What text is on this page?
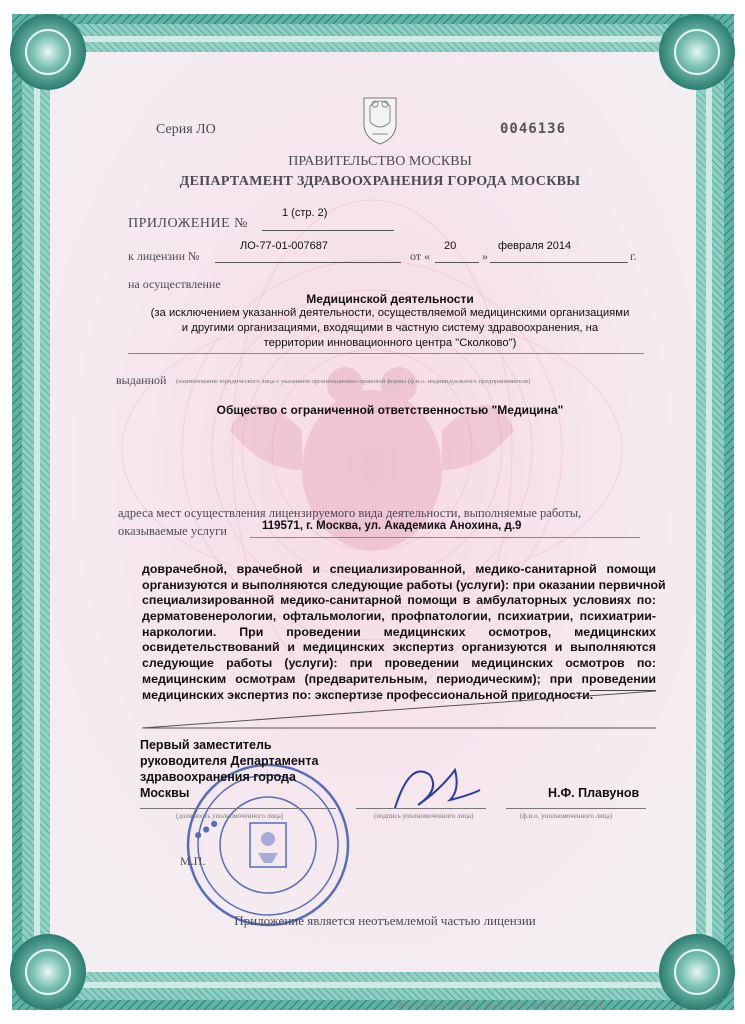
● ● ●
Серия ЛО	0046136
ПРАВИТЕЛЬСТВО МОСКВЫ
ДЕПАРТАМЕНТ ЗДРАВООХРАНЕНИЯ ГОРОДА МОСКВЫ
ПРИЛОЖЕНИЕ №
1 (стр. 2)
к лицензии №
ЛО-77-01-007687
от «
20
»
февраля 2014
г.
на осуществление
Медицинской деятельности
(за исключением указанной деятельности, осуществляемой медицинскими организациями
и другими организациями, входящими в частную систему здравоохранения, на
территории инновационного центра "Сколково")
выданной (наименование юридического лица с указанием организационно-правовой формы (ф.и.о. индивидуального предпринимателя)
Общество с ограниченной ответственностью "Медицина"
адреса мест осуществления лицензируемого вида деятельности, выполняемые работы,
оказываемые услуги	119571, г. Москва, ул. Академика Анохина, д.9
доврачебной, врачебной и специализированной, медико-санитарной помощи
организуются и выполняются следующие работы (услуги): при оказании первичной
специализированной медико-санитарной помощи в амбулаторных условиях по:
дерматовенерологии, офтальмологии, профпатологии, психиатрии, психиатрии-
наркологии. При проведении медицинских осмотров, медицинских
освидетельствований и медицинских экспертиз организуются и выполняются
следующие работы (услуги): при проведении медицинских осмотров по:
медицинским осмотрам (предварительным, периодическим); при проведении
медицинских экспертиз по: экспертизе профессиональной пригодности.
Первый заместитель
руководителя Департамента
здравоохранения города
Москвы	Н.Ф. Плавунов
(должность уполномоченного лица)	(подпись уполномоченного лица)	(ф.и.о. уполномоченного лица)
М.П.
Приложение является неотъемлемой частью лицензии
ООО «СпецБланк-Москва», г. Москва, 2013 г., уровень «Б», зак. № 244.
